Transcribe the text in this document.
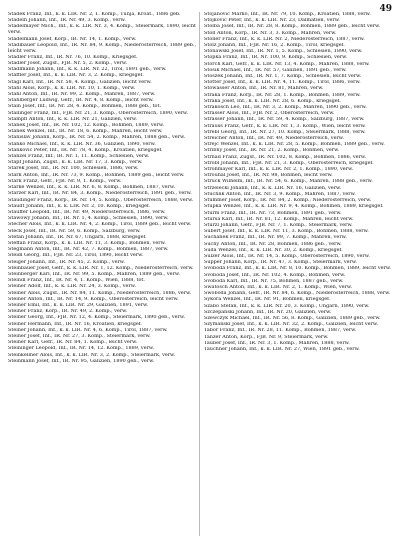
49

Stadek Franz, Inf., k. k. LIR. Nr. 2, 1. Komp., Tunja, Kroat., 1886 geb.

Stadelh Johann, Inf., IR. Nr. 49, 3. Komp., verw.

Stadelmayer Mich., Inf., k. k. LIR. Nr. 3, 4. Komp., Steiermark, 1890, leicht verw.

Stadelmann Josef, Korp., IR. Nr. 14, 1. Komp., verw.

Stadlbauer Leopold, Inf., IR. Nr. 84, 9. Komp., Niederösterreich, 1889 geb., leicht verw.

Stadler Franz, Inf., IR. Nr. 76, 10. Komp., Kriegsgef.

Stadler Josef, Zugsf., FJB. Nr. 5, 2. Komp., verw.

Stadlmann Johann, Inf., k. k. LIR. Nr. 22, Tirol, 1891 geb., verw.

Staffler Josef, Inf., k. k. LIR. Nr. 3, 2. Komp., kriegsgef.

Stagl Karl, Inf., IR. Nr. 58, 4. Komp., Galizien, leicht verw.

Stahl Alois, Korp., k. k. LIR. Nr. 10, 1. Komp., verw.

Stahl Anton, Inf., IR. Nr. 99, 2. Komp., Mähren, 1887, verw.

Stahlberger Ludwig, Gefr., IR. Nr. 4, 8. Komp., leicht verw.

Stain Josef, Inf., IR. Nr. 28, 4. Komp., Böhmen, 1888 geb., tot.

Stallinger Franz, Inf., FJB. Nr. 21, 3. Komp., Oberösterreich, 1890, verw.

Stampfl Anton, Inf., k. k. LIR. Nr. 21, Galizien, verw.

Stanek Josef, Inf., IR. Nr. 102, 12. Komp., Böhmen, 1889, verw.

Stanek Wenzel, Inf., IR. Nr. 18, 6. Komp., Mähren, leicht verw.

Stanislav Johann, Korp., IR. Nr. 54, 2. Komp., Mähren, 1888 geb., verw.

Stanko Michael, Inf., k. k. LIR. Nr. 36, Galizien, 1890, verw.

Stankovic Peter, Inf., IR. Nr. 78, 4. Komp., Kroatien, kriegsgef.

Stanzel Franz, Inf., IR. Nr. 1, 11. Komp., Schlesien, verw.

Stapf Johann, Zugsf., k. k. LIR. Nr. 17, 3. Komp., verw.

Starek Josef, Inf., IR. Nr. 100, Schlesien, 1886, verw.

Stark Anton, Inf., IR. Nr. 73, 9. Komp., Böhmen, 1889 geb., leicht verw.

Stark Franz, Gefr., FJB. Nr. 9, 1. Komp., verw.

Starke Wenzel, Inf., k. k. LIR. Nr. 6, 8. Komp., Böhmen, 1887, verw.

Starzer Karl, Inf., IR. Nr. 84, 3. Komp., Niederösterreich, 1891 geb., verw.

Staudinger Franz, Korp., IR. Nr. 14, 5. Komp., Oberösterreich, 1888, verw.

Staudt Johann, Inf., k. k. LIR. Nr. 2, 10. Komp., kriegsgef.

Stauffer Leopold, Inf., IR. Nr. 49, Niederösterreich, 1886, verw.

Stawowy Johann, Inf., IR. Nr. 1, 4. Komp., Schlesien, 1890, verw.

Stecher Alois, Inf., k. k. LIR. Nr. 4, 2. Komp., Tirol, 1889 geb., leicht verw.

Steck Josef, Inf., IR. Nr. 59, 6. Komp., Salzburg, verw.

Stefan Johann, Inf., IR. Nr. 67, Ungarn, 1888, kriegsgef.

Steffan Franz, Korp., k. k. LIR. Nr. 11, 3. Komp., Böhmen, verw.

Stegmann Anton, Inf., IR. Nr. 42, 7. Komp., Böhmen, 1887, verw.

Steidl Georg, Inf., FJB. Nr. 23, Tirol, 1890, leicht verw.

Steiger Johann, Inf., IR. Nr. 45, 2. Komp., verw.

Steinbauer Josef, Gefr., k. k. LIR. Nr. 1, 12. Komp., Niederösterreich, verw.

Steinberger Karl, Inf., IR. Nr. 99, 5. Komp., Mähren, 1889 geb., verw.

Steindl Franz, Inf., IR. Nr. 4, 1. Komp., Wien, 1888, tot.

Steiner Adolf, Inf., k. k. LIR. Nr. 24, 3. Komp., verw.

Steiner Alois, Zugsf., IR. Nr. 84, 11. Komp., Niederösterreich, 1886, verw.

Steiner Anton, Inf., IR. Nr. 14, 9. Komp., Oberösterreich, leicht verw.

Steiner Emil, Inf., k. k. LIR. Nr. 29, Galizien, 1891, verw.

Steiner Franz, Korp., IR. Nr. 49, 2. Komp., verw.

Steiner Georg, Inf., FJB. Nr. 12, 4. Komp., Steiermark, 1890 geb., verw.

Steiner Hermann, Inf., IR. Nr. 16, Kroatien, kriegsgef.

Steiner Johann, Inf., k. k. LIR. Nr. 4, 6. Komp., Tirol, 1887, verw.

Steiner Josef, Inf., IR. Nr. 27, 3. Komp., Steiermark, verw.

Steiner Karl, Gefr., IR. Nr. 84, 1. Komp., leicht verw.

Steininger Leopold, Inf., IR. Nr. 14, 12. Komp., 1889, verw.

Steinkellner Alois, Inf., k. k. LIR. Nr. 3, 2. Komp., Steiermark, verw.

Steinmann Josef, Inf., IR. Nr. 95, Galizien, 1890 geb., verw.

Stojanovic Marko, Inf., IR. Nr. 79, 10. Komp., Kroatien, 1888, verw.

Stojkovic Peter, Inf., k. k. LIR. Nr. 23, Dalmatien, verw.

Stolba Josef, Inf., IR. Nr. 28, 8. Komp., Böhmen, 1889 geb., leicht verw.

Stoll Anton, Korp., IR. Nr. 3, 3. Komp., Mähren, verw.

Stoller Franz, Inf., k. k. LIR. Nr. 2, Niederösterreich, 1887, verw.

Stolz Johann, Inf., FJB. Nr. 16, 2. Komp., Tirol, kriegsgef.

Stonawski Josef, Inf., IR. Nr. 1, 5. Komp., Schlesien, 1890, verw.

Stopka Franz, Inf., IR. Nr. 100, 9. Komp., Schlesien, verw.

Storch Karl, Gefr., k. k. LIR. Nr. 13, 4. Komp., Mähren, 1888, verw.

Stosik Michael, Inf., IR. Nr. 57, Galizien, 1891 geb., verw.

Stoszek Johann, Inf., IR. Nr. 1, 7. Komp., Schlesien, leicht verw.

Stotter Josef, Inf., k. k. LIR. Nr. 4, 11. Komp., Tirol, 1886, verw.

Stowasser Anton, Inf., IR. Nr. 81, Mähren, verw.

Straka Franz, Korp., IR. Nr. 28, 1. Komp., Böhmen, 1889, verw.

Straka Josef, Inf., k. k. LIR. Nr. 28, 6. Komp., kriegsgef.

Strakosch Leo, Inf., IR. Nr. 3, 2. Komp., Mähren, 1890 geb., verw.

Strasser Alois, Inf., FJB. Nr. 2, Oberösterreich, verw.

Strasser Johann, Inf., IR. Nr. 59, 4. Komp., Salzburg, 1887, verw.

Strauss Franz, Gefr., k. k. LIR. Nr. 1, 3. Komp., Wien, leicht verw.

Strebl Georg, Inf., IR. Nr. 27, 10. Komp., Steiermark, 1888, verw.

Streicher Anton, Inf., IR. Nr. 49, Niederösterreich, verw.

Strejc Wenzel, Inf., k. k. LIR. Nr. 28, 5. Komp., Böhmen, 1889 geb., verw.

Stribny Josef, Inf., IR. Nr. 21, 2. Komp., Böhmen, verw.

Strnad Franz, Zugsf., IR. Nr. 102, 8. Komp., Böhmen, 1886, verw.

Strobl Johann, Inf., FJB. Nr. 21, 3. Komp., Oberösterreich, kriegsgef.

Strohmayer Karl, Inf., k. k. LIR. Nr. 2, 1. Komp., 1890, verw.

Strouhal Josef, Inf., IR. Nr. 98, Böhmen, leicht verw.

Struck Wilhelm, Inf., IR. Nr. 54, 6. Komp., Mähren, 1888 geb., verw.

Strzelecki Johann, Inf., k. k. LIR. Nr. 16, Galizien, verw.

Stuchlik Anton, Inf., IR. Nr. 3, 9. Komp., Mähren, 1887, verw.

Stummer Josef, Korp., IR. Nr. 84, 2. Komp., Niederösterreich, verw.

Stupka Wenzel, Inf., k. k. LIR. Nr. 9, 4. Komp., Böhmen, 1889, kriegsgef.

Sturm Franz, Inf., IR. Nr. 73, Böhmen, 1891 geb., verw.

Stursa Karl, Inf., IR. Nr. 81, 12. Komp., Mähren, leicht verw.

Stürzl Johann, Gefr., FJB. Nr. 7, 1. Komp., Steiermark, verw.

Subert Josef, Inf., k. k. LIR. Nr. 11, 3. Komp., Böhmen, 1888, verw.

Suchanek Franz, Inf., IR. Nr. 99, 7. Komp., Mähren, verw.

Suchy Anton, Inf., IR. Nr. 28, Böhmen, 1886 geb., verw.

Suda Wenzel, Inf., k. k. LIR. Nr. 30, 2. Komp., kriegsgef.

Sulzer Alois, Inf., IR. Nr. 14, 5. Komp., Oberösterreich, 1890, verw.

Supper Johann, Korp., IR. Nr. 47, 3. Komp., Steiermark, verw.

Svoboda Franz, Inf., k. k. LIR. Nr. 8, 10. Komp., Böhmen, 1889, leicht verw.

Svoboda Josef, Inf., IR. Nr. 102, 4. Komp., Böhmen, verw.

Svoboda Karl, Inf., IR. Nr. 75, Böhmen, 1887 geb., verw.

Swatosch Anton, Inf., k. k. LIR. Nr. 2, 1. Komp., Wien, verw.

Swoboda Johann, Gefr., IR. Nr. 84, 6. Komp., Niederösterreich, 1888, verw.

Sykora Wenzel, Inf., IR. Nr. 91, Böhmen, kriegsgef.

Szabo Stefan, Inf., k. k. LIR. Nr. 20, 3. Komp., Ungarn, 1890, verw.

Szczepanski Johann, Inf., IR. Nr. 20, Galizien, verw.

Szewczyk Michael, Inf., IR. Nr. 56, 8. Komp., Galizien, 1889 geb., verw.

Szymanski Josef, Inf., k. k. LIR. Nr. 32, 2. Komp., Galizien, leicht verw.

Tabor Franz, Inf., IR. Nr. 28, 11. Komp., Böhmen, 1887, verw.

Tanzer Anton, Korp., FJB. Nr. 9, Steiermark, verw.

Tauber Josef, Inf., IR. Nr. 3, 1. Komp., Mähren, 1888, verw.

Tauchner Johann, Inf., k. k. LIR. Nr. 27, Wien, 1891 geb., verw.
